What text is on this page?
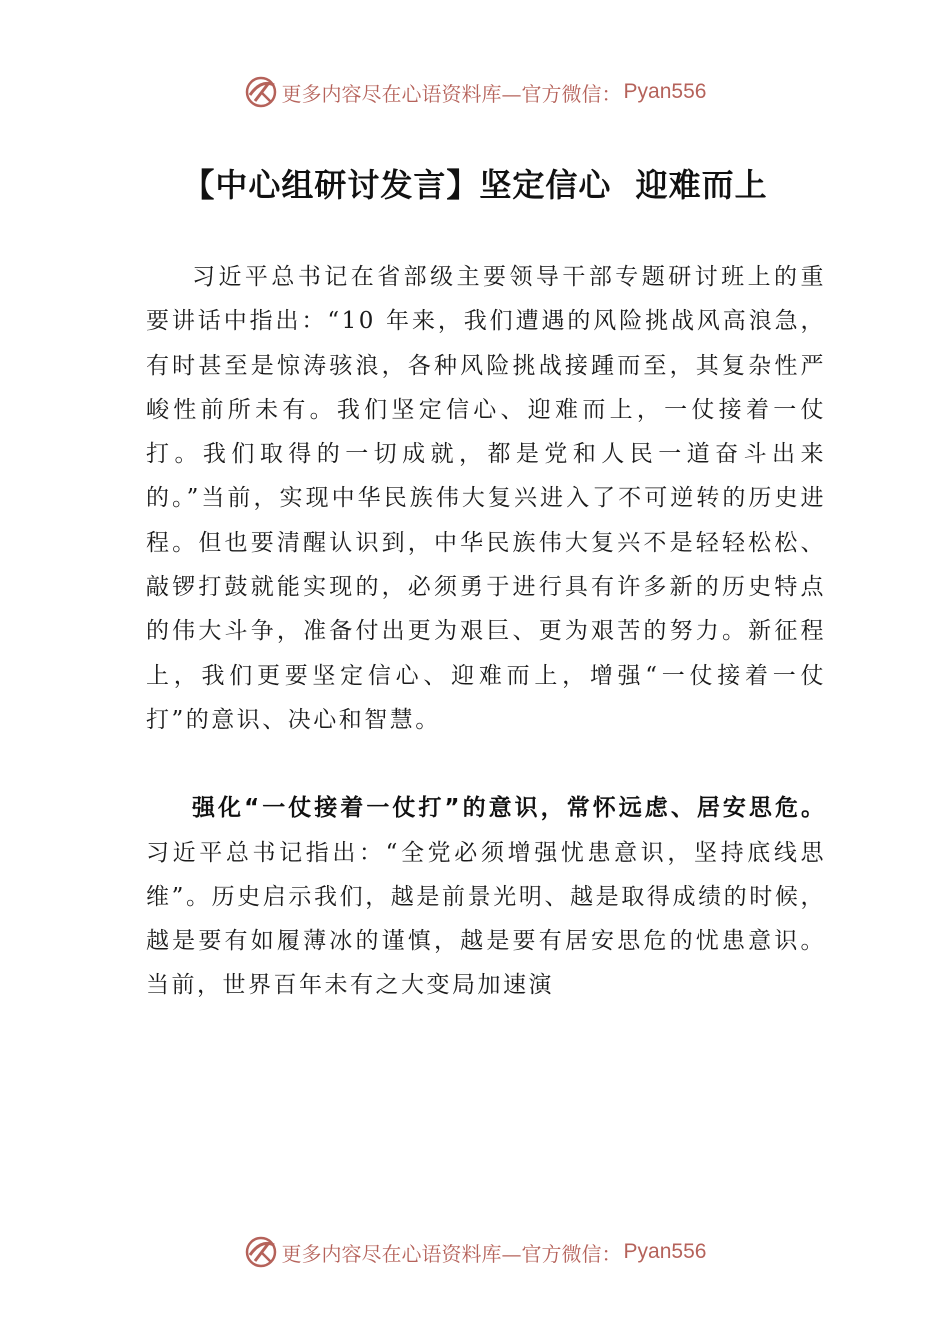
更多内容尽在心语资料库—官方微信： Pyan556
【中心组研讨发言】坚定信心  迎难而上

习近平总书记在省部级主要领导干部专题研讨班上的重要讲话中指出：“10 年来，我们遭遇的风险挑战风高浪急，有时甚至是惊涛骇浪，各种风险挑战接踵而至，其复杂性严峻性前所未有。我们坚定信心、迎难而上，一仗接着一仗打。我们取得的一切成就，都是党和人民一道奋斗出来的。”当前，实现中华民族伟大复兴进入了不可逆转的历史进程。但也要清醒认识到，中华民族伟大复兴不是轻轻松松、敲锣打鼓就能实现的，必须勇于进行具有许多新的历史特点的伟大斗争，准备付出更为艰巨、更为艰苦的努力。新征程上，我们更要坚定信心、迎难而上，增强“一仗接着一仗打”的意识、决心和智慧。

强化“一仗接着一仗打”的意识，常怀远虑、居安思危。习近平总书记指出：“全党必须增强忧患意识，坚持底线思维”。历史启示我们，越是前景光明、越是取得成绩的时候，越是要有如履薄冰的谨慎，越是要有居安思危的忧患意识。当前，世界百年未有之大变局加速演

更多内容尽在心语资料库—官方微信： Pyan556
